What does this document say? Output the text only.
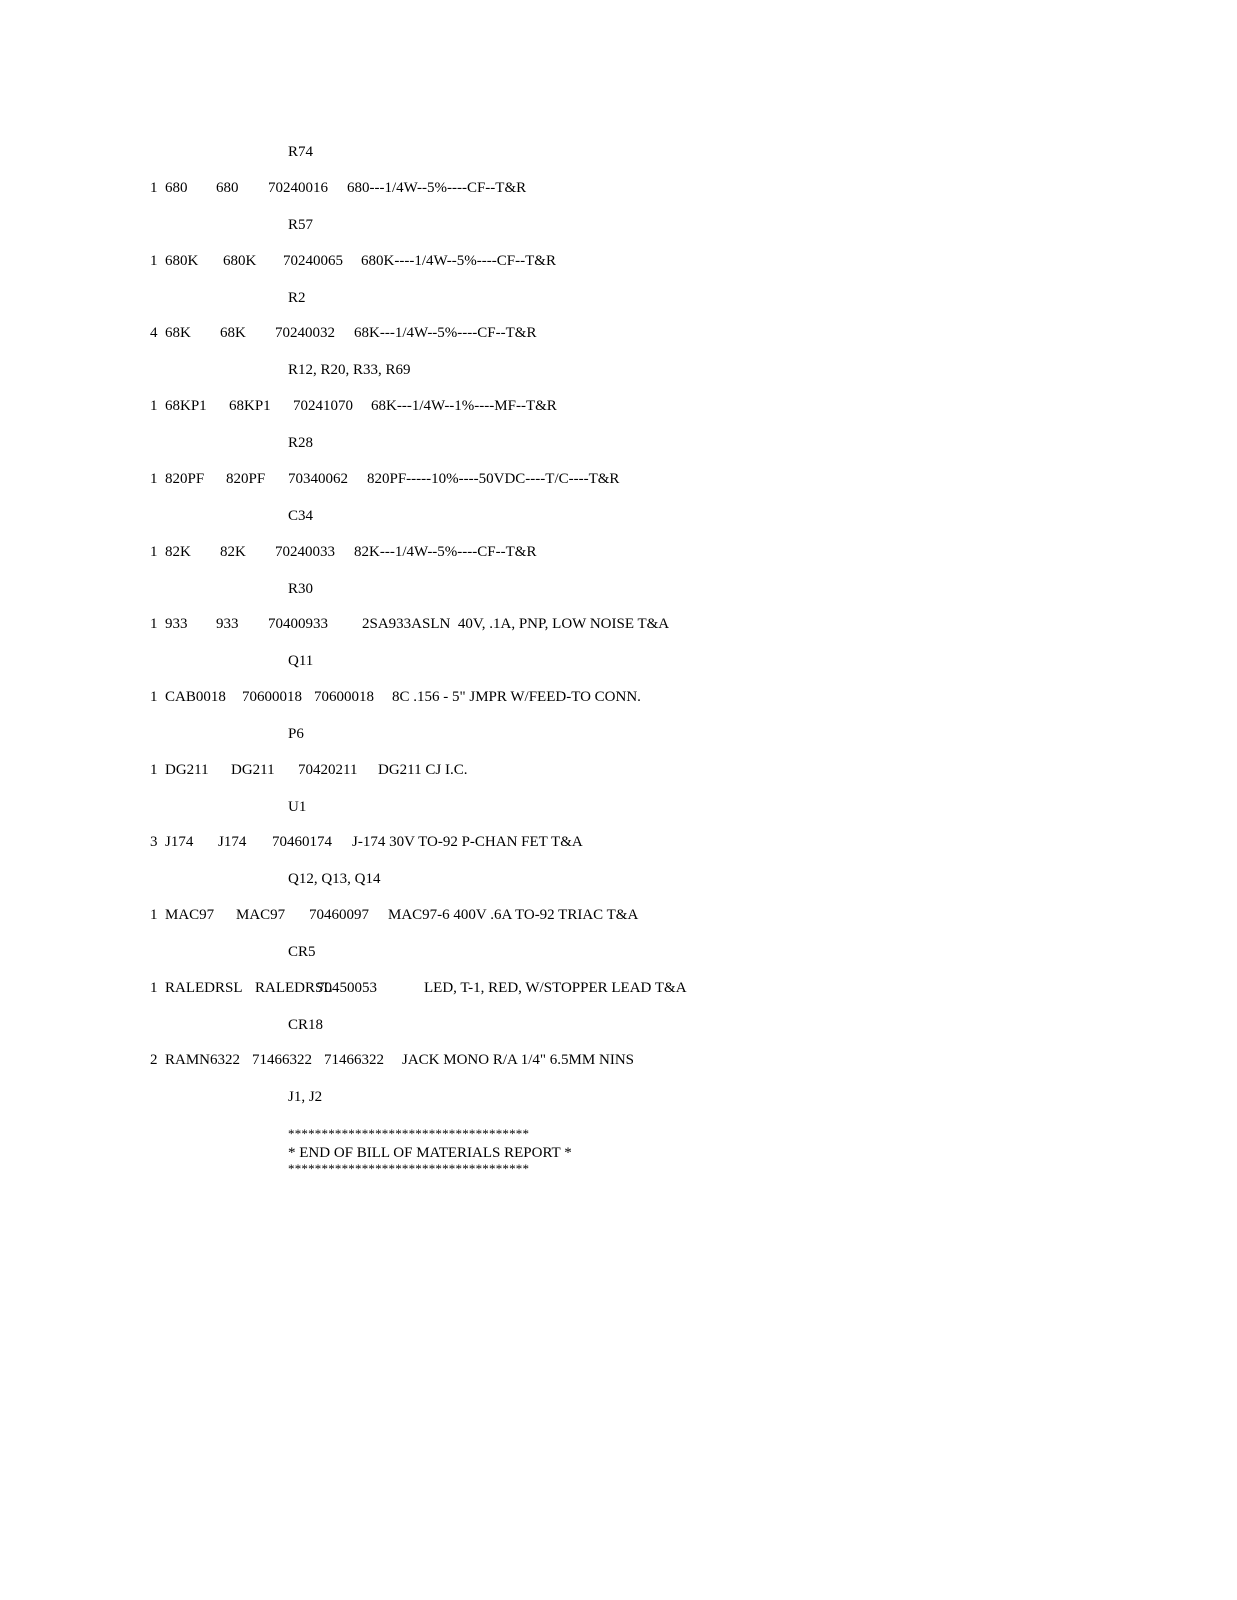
R74
1 680 680 70240016 680---1/4W--5%----CF--T&R
R57
1 680K 680K 70240065 680K----1/4W--5%----CF--T&R
R2
4 68K 68K 70240032 68K---1/4W--5%----CF--T&R
R12, R20, R33, R69
1 68KP1 68KP1 70241070 68K---1/4W--1%----MF--T&R
R28
1 820PF 820PF 70340062 820PF-----10%----50VDC----T/C----T&R
C34
1 82K 82K 70240033 82K---1/4W--5%----CF--T&R
R30
1 933 933 70400933 2SA933ASLN  40V, .1A, PNP, LOW NOISE T&A
Q11
1 CAB0018 70600018 70600018 8C .156 - 5" JMPR W/FEED-TO CONN.
P6
1 DG211 DG211 70420211 DG211 CJ I.C.
U1
3 J174 J174 70460174 J-174 30V TO-92 P-CHAN FET T&A
Q12, Q13, Q14
1 MAC97 MAC97 70460097 MAC97-6 400V .6A TO-92 TRIAC T&A
CR5
1 RALEDRSL RALEDRSL
70450053	LED, T-1, RED, W/STOPPER LEAD T&A
CR18
2 RAMN6322 71466322 71466322 JACK MONO R/A 1/4" 6.5MM NINS
J1, J2
************************************
* END OF BILL OF MATERIALS REPORT *
************************************
